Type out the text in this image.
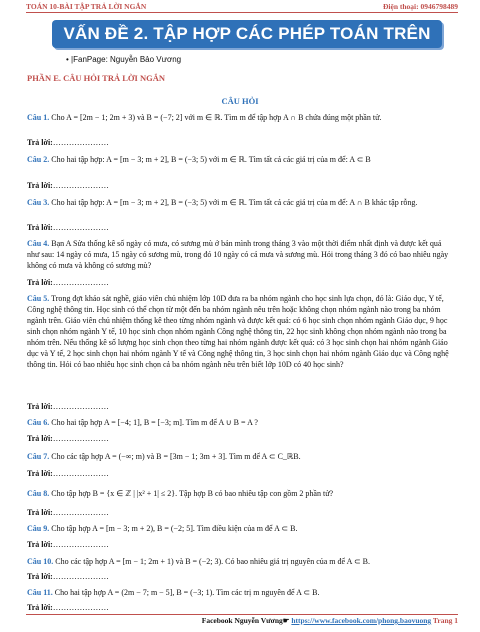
TOÁN 10-BÀI TẬP TRẢ LỜI NGẮN	Điện thoại: 0946798489
VẤN ĐỀ 2. TẬP HỢP CÁC PHÉP TOÁN TRÊN TẬP HỢP
• |FanPage: Nguyễn Bảo Vương
PHẦN E. CÂU HỎI TRẢ LỜI NGẮN
CÂU HỎI
Câu 1. Cho A = [2m − 1; 2m + 3) và B = (−7; 2] với m ∈ ℝ. Tìm m để tập hợp A ∩ B chứa đúng một phần tử.
Trả lời:…………………
Câu 2. Cho hai tập hợp: A = [m − 3; m + 2], B = (−3; 5) với m ∈ ℝ. Tìm tất cả các giá trị của m để: A ⊂ B
Trả lời:…………………
Câu 3. Cho hai tập hợp: A = [m − 3; m + 2], B = (−3; 5) với m ∈ ℝ. Tìm tất cả các giá trị của m để: A ∩ B khác tập rỗng.
Trả lời:…………………
Câu 4. Bạn A Sửa thống kê số ngày có mưa, có sương mù ở bản mình trong tháng 3 vào một thời điểm nhất định và được kết quả như sau: 14 ngày có mưa, 15 ngày có sương mù, trong đó 10 ngày có cả mưa và sương mù. Hỏi trong tháng 3 đó có bao nhiêu ngày không có mưa và không có sương mù?
Trả lời:…………………
Câu 5. Trong đợt khảo sát nghề, giáo viên chủ nhiệm lớp 10D đưa ra ba nhóm ngành cho học sinh lựa chọn, đó là: Giáo dục, Y tế, Công nghệ thông tin. Học sinh có thể chọn từ một đến ba nhóm ngành nêu trên hoặc không chọn nhóm ngành nào trong ba nhóm ngành trên. Giáo viên chủ nhiệm thống kê theo từng nhóm ngành và được kết quả: có 6 học sinh chọn nhóm ngành Giáo dục, 9 học sinh chọn nhóm ngành Y tế, 10 học sinh chọn nhóm ngành Công nghệ thông tin, 22 học sinh không chọn nhóm ngành nào trong ba nhóm trên. Nếu thống kê số lượng học sinh chọn theo từng hai nhóm ngành được kết quả: có 3 học sinh chọn hai nhóm ngành Giáo dục và Y tế, 2 học sinh chọn hai nhóm ngành Y tế và Công nghệ thông tin, 3 học sinh chọn hai nhóm ngành Giáo dục và Công nghệ thông tin. Hỏi có bao nhiêu học sinh chọn cả ba nhóm ngành nêu trên biết lớp 10D có 40 học sinh?
Trả lời:…………………
Câu 6. Cho hai tập hợp A = [−4; 1], B = [−3; m]. Tìm m để A ∪ B = A ?
Trả lời:…………………
Câu 7. Cho các tập hợp A = (−∞; m) và B = [3m − 1; 3m + 3]. Tìm m để A ⊂ C_ℝB.
Trả lời:…………………
Câu 8. Cho tập hợp B = {x ∈ ℤ | |x² + 1| ≤ 2}. Tập hợp B có bao nhiêu tập con gồm 2 phần tử?
Trả lời:…………………
Câu 9. Cho tập hợp A = [m − 3; m + 2), B = (−2; 5]. Tìm điều kiện của m để A ⊂ B.
Trả lời:…………………
Câu 10. Cho các tập hợp A = [m − 1; 2m + 1) và B = (−2; 3). Có bao nhiêu giá trị nguyên của m để A ⊂ B.
Trả lời:…………………
Câu 11. Cho hai tập hợp A = (2m − 7; m − 5], B = (−3; 1). Tìm các trị m nguyên để A ⊂ B.
Trả lời:…………………
Facebook Nguyễn Vương☛ https://www.facebook.com/phong.baovuong Trang 1
